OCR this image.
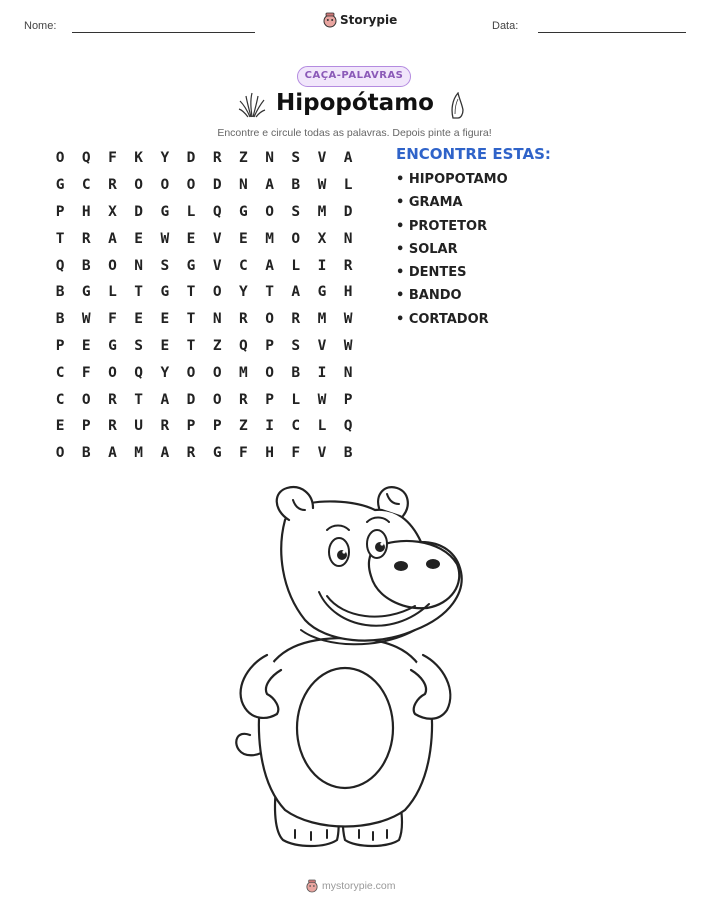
Nome:	Storypie	Data:
CAÇA-PALAVRAS
Hipopótamo
Encontre e circule todas as palavras. Depois pinte a figura!
O	Q	F	K	Y	D	R	Z	N	S	V	A
G	C	R	O	O	O	D	N	A	B	W	L
P	H	X	D	G	L	Q	G	O	S	M	D
T	R	A	E	W	E	V	E	M	O	X	N
Q	B	O	N	S	G	V	C	A	L	I	R
B	G	L	T	G	T	O	Y	T	A	G	H
B	W	F	E	E	T	N	R	O	R	M	W
P	E	G	S	E	T	Z	Q	P	S	V	W
C	F	O	Q	Y	O	O	M	O	B	I	N
C	O	R	T	A	D	O	R	P	L	W	P
E	P	R	U	R	P	P	Z	I	C	L	Q
O	B	A	M	A	R	G	F	H	F	V	B
ENCONTRE ESTAS:
• HIPOPOTAMO
• GRAMA
• PROTETOR
• SOLAR
• DENTES
• BANDO
• CORTADOR
mystorypie.com
